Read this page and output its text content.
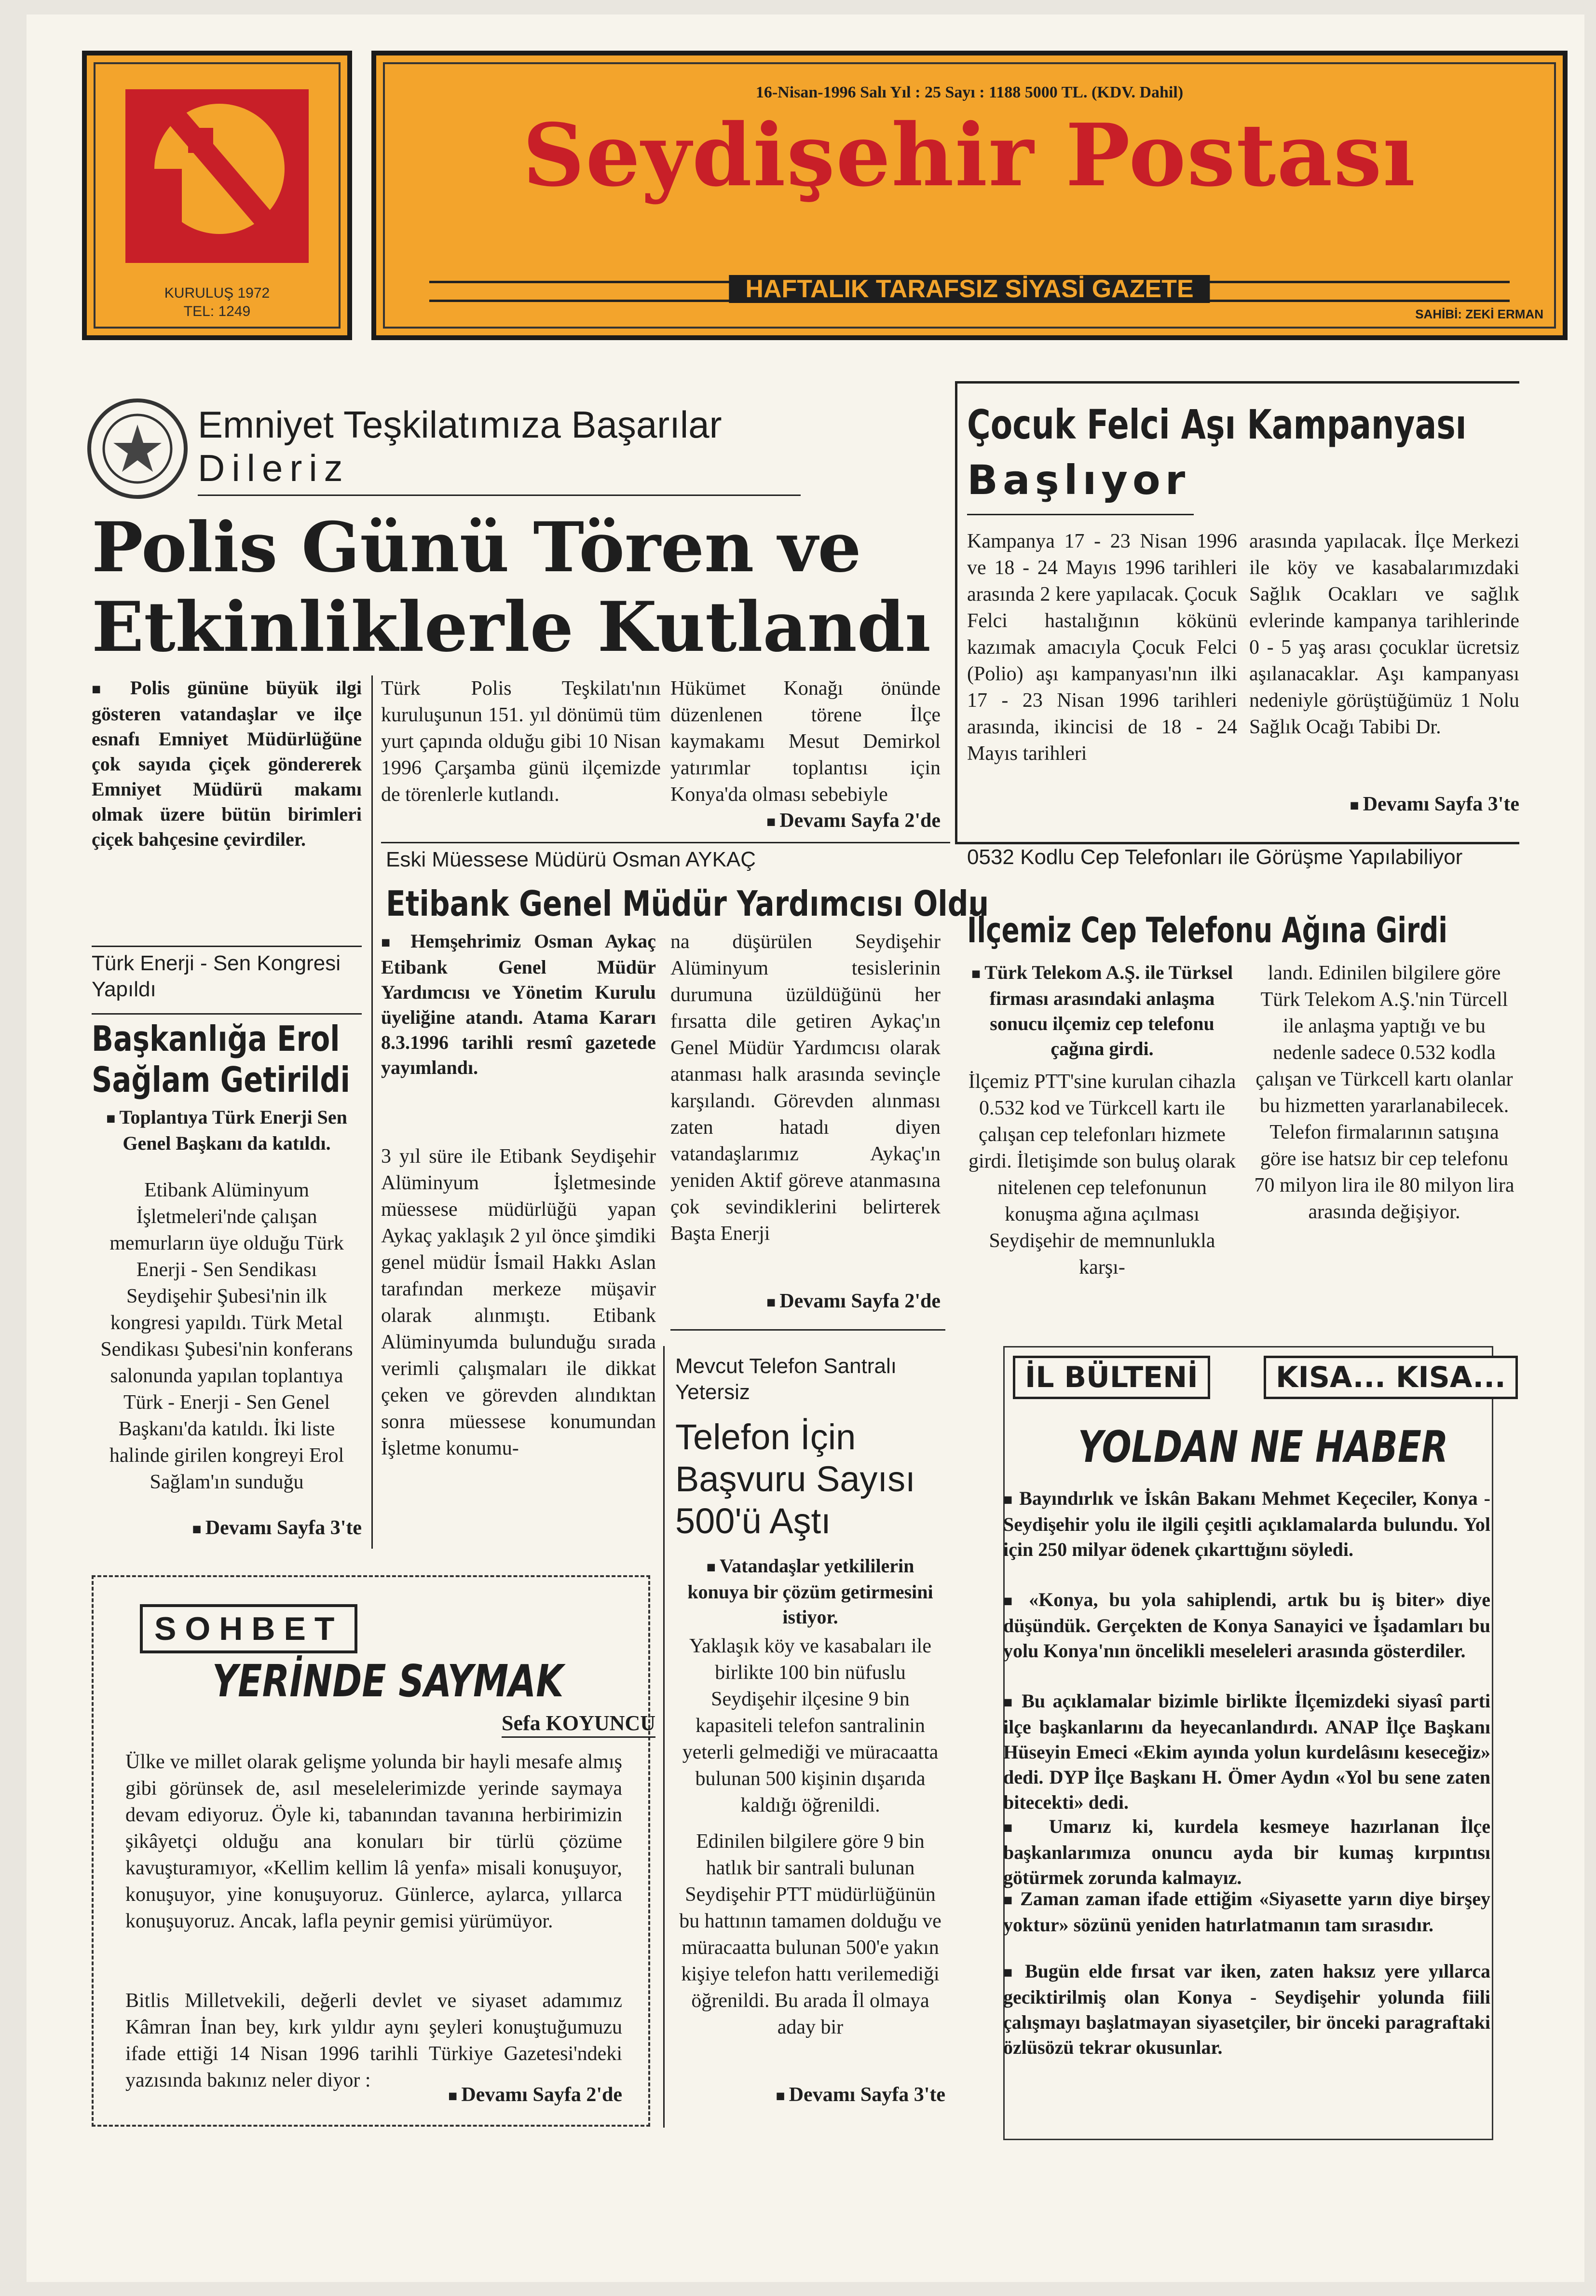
KURULUŞ 1972
TEL: 1249
16-Nisan-1996 Salı Yıl : 25 Sayı : 1188 5000 TL. (KDV. Dahil)
Seydişehir Postası
HAFTALIK TARAFSIZ SİYASİ GAZETE
SAHİBİ: ZEKİ ERMAN
Emniyet Teşkilatımıza Başarılar
Dileriz
Polis Günü Tören ve
Etkinliklerle Kutlandı
■ Polis gününe büyük ilgi gösteren vatandaşlar ve ilçe esnafı Emniyet Müdürlüğüne çok sayıda çiçek göndererek Emniyet Müdürü makamı olmak üzere bütün birimleri çiçek bahçesine çevirdiler.
Türk Polis Teşkilatı'nın kuruluşunun 151. yıl dönümü tüm yurt çapında olduğu gibi 10 Nisan 1996 Çarşamba günü ilçemizde de törenlerle kutlandı.
Hükümet Konağı önünde düzenlenen törene İlçe kaymakamı Mesut Demirkol yatırımlar toplantısı için Konya'da olması sebebiyle
■ Devamı Sayfa 2'de
Türk Enerji - Sen Kongresi Yapıldı
Başkanlığa Erol
Sağlam Getirildi
■ Toplantıya Türk Enerji Sen Genel Başkanı da katıldı.
Etibank Alüminyum İşletmeleri'nde çalışan memurların üye olduğu Türk Enerji - Sen Sendikası Seydişehir Şubesi'nin ilk kongresi yapıldı. Türk Metal Sendikası Şubesi'nin konferans salonunda yapılan toplantıya Türk - Enerji - Sen Genel Başkanı'da katıldı. İki liste halinde girilen kongreyi Erol Sağlam'ın sunduğu
■ Devamı Sayfa 3'te
Eski Müessese Müdürü Osman AYKAÇ
Etibank Genel Müdür Yardımcısı Oldu
■ Hemşehrimiz Osman Aykaç Etibank Genel Müdür Yardımcısı ve Yönetim Kurulu üyeliğine atandı. Atama Kararı 8.3.1996 tarihli resmî gazetede yayımlandı.
3 yıl süre ile Etibank Seydişehir Alüminyum İşletmesinde müessese müdürlüğü yapan Aykaç yaklaşık 2 yıl önce şimdiki genel müdür İsmail Hakkı Aslan tarafından merkeze müşavir olarak alınmıştı. Etibank Alüminyumda bulunduğu sırada verimli çalışmaları ile dikkat çeken ve görevden alındıktan sonra müessese konumundan İşletme konumu-
na düşürülen Seydişehir Alüminyum tesislerinin durumuna üzüldüğünü her fırsatta dile getiren Aykaç'ın Genel Müdür Yardımcısı olarak atanması halk arasında sevinçle karşılandı. Görevden alınması zaten hatadı diyen vatandaşlarımız Aykaç'ın yeniden Aktif göreve atanmasına çok sevindiklerini belirterek Başta Enerji
■ Devamı Sayfa 2'de
SOHBET
YERİNDE SAYMAK
Sefa KOYUNCU
Ülke ve millet olarak gelişme yolunda bir hayli mesafe almış gibi görünsek de, asıl meselelerimizde yerinde saymaya devam ediyoruz. Öyle ki, tabanından tavanına herbirimizin şikâyetçi olduğu ana konuları bir türlü çözüme kavuşturamıyor, «Kellim kellim lâ yenfa» misali konuşuyor, konuşuyor, yine konuşuyoruz. Günlerce, aylarca, yıllarca konuşuyoruz. Ancak, lafla peynir gemisi yürümüyor.
Bitlis Milletvekili, değerli devlet ve siyaset adamımız Kâmran İnan bey, kırk yıldır aynı şeyleri konuştuğumuzu ifade ettiği 14 Nisan 1996 tarihli Türkiye Gazetesi'ndeki yazısında bakınız neler diyor :
■ Devamı Sayfa 2'de
Mevcut Telefon Santralı Yetersiz
Telefon İçin
Başvuru Sayısı
500'ü Aştı
■ Vatandaşlar yetkililerin konuya bir çözüm getirmesini istiyor.
Yaklaşık köy ve kasabaları ile birlikte 100 bin nüfuslu Seydişehir ilçesine 9 bin kapasiteli telefon santralinin yeterli gelmediği ve müracaatta bulunan 500 kişinin dışarıda kaldığı öğrenildi.
Edinilen bilgilere göre 9 bin hatlık bir santrali bulunan Seydişehir PTT müdürlüğünün bu hattının tamamen dolduğu ve müracaatta bulunan 500'e yakın kişiye telefon hattı verilemediği öğrenildi. Bu arada İl olmaya aday bir
■ Devamı Sayfa 3'te
Çocuk Felci Aşı Kampanyası
Başlıyor
Kampanya 17 - 23 Nisan 1996 ve 18 - 24 Mayıs 1996 tarihleri arasında 2 kere yapılacak. Çocuk Felci hastalığının kökünü kazımak amacıyla Çocuk Felci (Polio) aşı kampanyası'nın ilki 17 - 23 Nisan 1996 tarihleri arasında, ikincisi de 18 - 24 Mayıs tarihleri
arasında yapılacak. İlçe Merkezi ile köy ve kasabalarımızdaki Sağlık Ocakları ve sağlık evlerinde kampanya tarihlerinde 0 - 5 yaş arası çocuklar ücretsiz aşılanacaklar. Aşı kampanyası nedeniyle görüştüğümüz 1 Nolu Sağlık Ocağı Tabibi Dr.
■ Devamı Sayfa 3'te
0532 Kodlu Cep Telefonları ile Görüşme Yapılabiliyor
İlçemiz Cep Telefonu Ağına Girdi
■ Türk Telekom A.Ş. ile Türksel firması arasındaki anlaşma sonucu ilçemiz cep telefonu çağına girdi.
İlçemiz PTT'sine kurulan cihazla 0.532 kod ve Türkcell kartı ile çalışan cep telefonları hizmete girdi. İletişimde son buluş olarak nitelenen cep telefonunun konuşma ağına açılması Seydişehir de memnunlukla karşı-
landı. Edinilen bilgilere göre Türk Telekom A.Ş.'nin Türcell ile anlaşma yaptığı ve bu nedenle sadece 0.532 kodla çalışan ve Türkcell kartı olanlar bu hizmetten yararlanabilecek. Telefon firmalarının satışına göre ise hatsız bir cep telefonu 70 milyon lira ile 80 milyon lira arasında değişiyor.
İL BÜLTENİ	KISA... KISA...
YOLDAN NE HABER
■ Bayındırlık ve İskân Bakanı Mehmet Keçeciler, Konya - Seydişehir yolu ile ilgili çeşitli açıklamalarda bulundu. Yol için 250 milyar ödenek çıkarttığını söyledi.
■ «Konya, bu yola sahiplendi, artık bu iş biter» diye düşündük. Gerçekten de Konya Sanayici ve İşadamları bu yolu Konya'nın öncelikli meseleleri arasında gösterdiler.
■ Bu açıklamalar bizimle birlikte İlçemizdeki siyasî parti ilçe başkanlarını da heyecanlandırdı. ANAP İlçe Başkanı Hüseyin Emeci «Ekim ayında yolun kurdelâsını keseceğiz» dedi. DYP İlçe Başkanı H. Ömer Aydın «Yol bu sene zaten bitecekti» dedi.
■ Umarız ki, kurdela kesmeye hazırlanan İlçe başkanlarımıza onuncu ayda bir kumaş kırpıntısı götürmek zorunda kalmayız.
■ Zaman zaman ifade ettiğim «Siyasette yarın diye birşey yoktur» sözünü yeniden hatırlatmanın tam sırasıdır.
■ Bugün elde fırsat var iken, zaten haksız yere yıllarca geciktirilmiş olan Konya - Seydişehir yolunda fiili çalışmayı başlatmayan siyasetçiler, bir önceki paragraftaki özlüsözü tekrar okusunlar.
